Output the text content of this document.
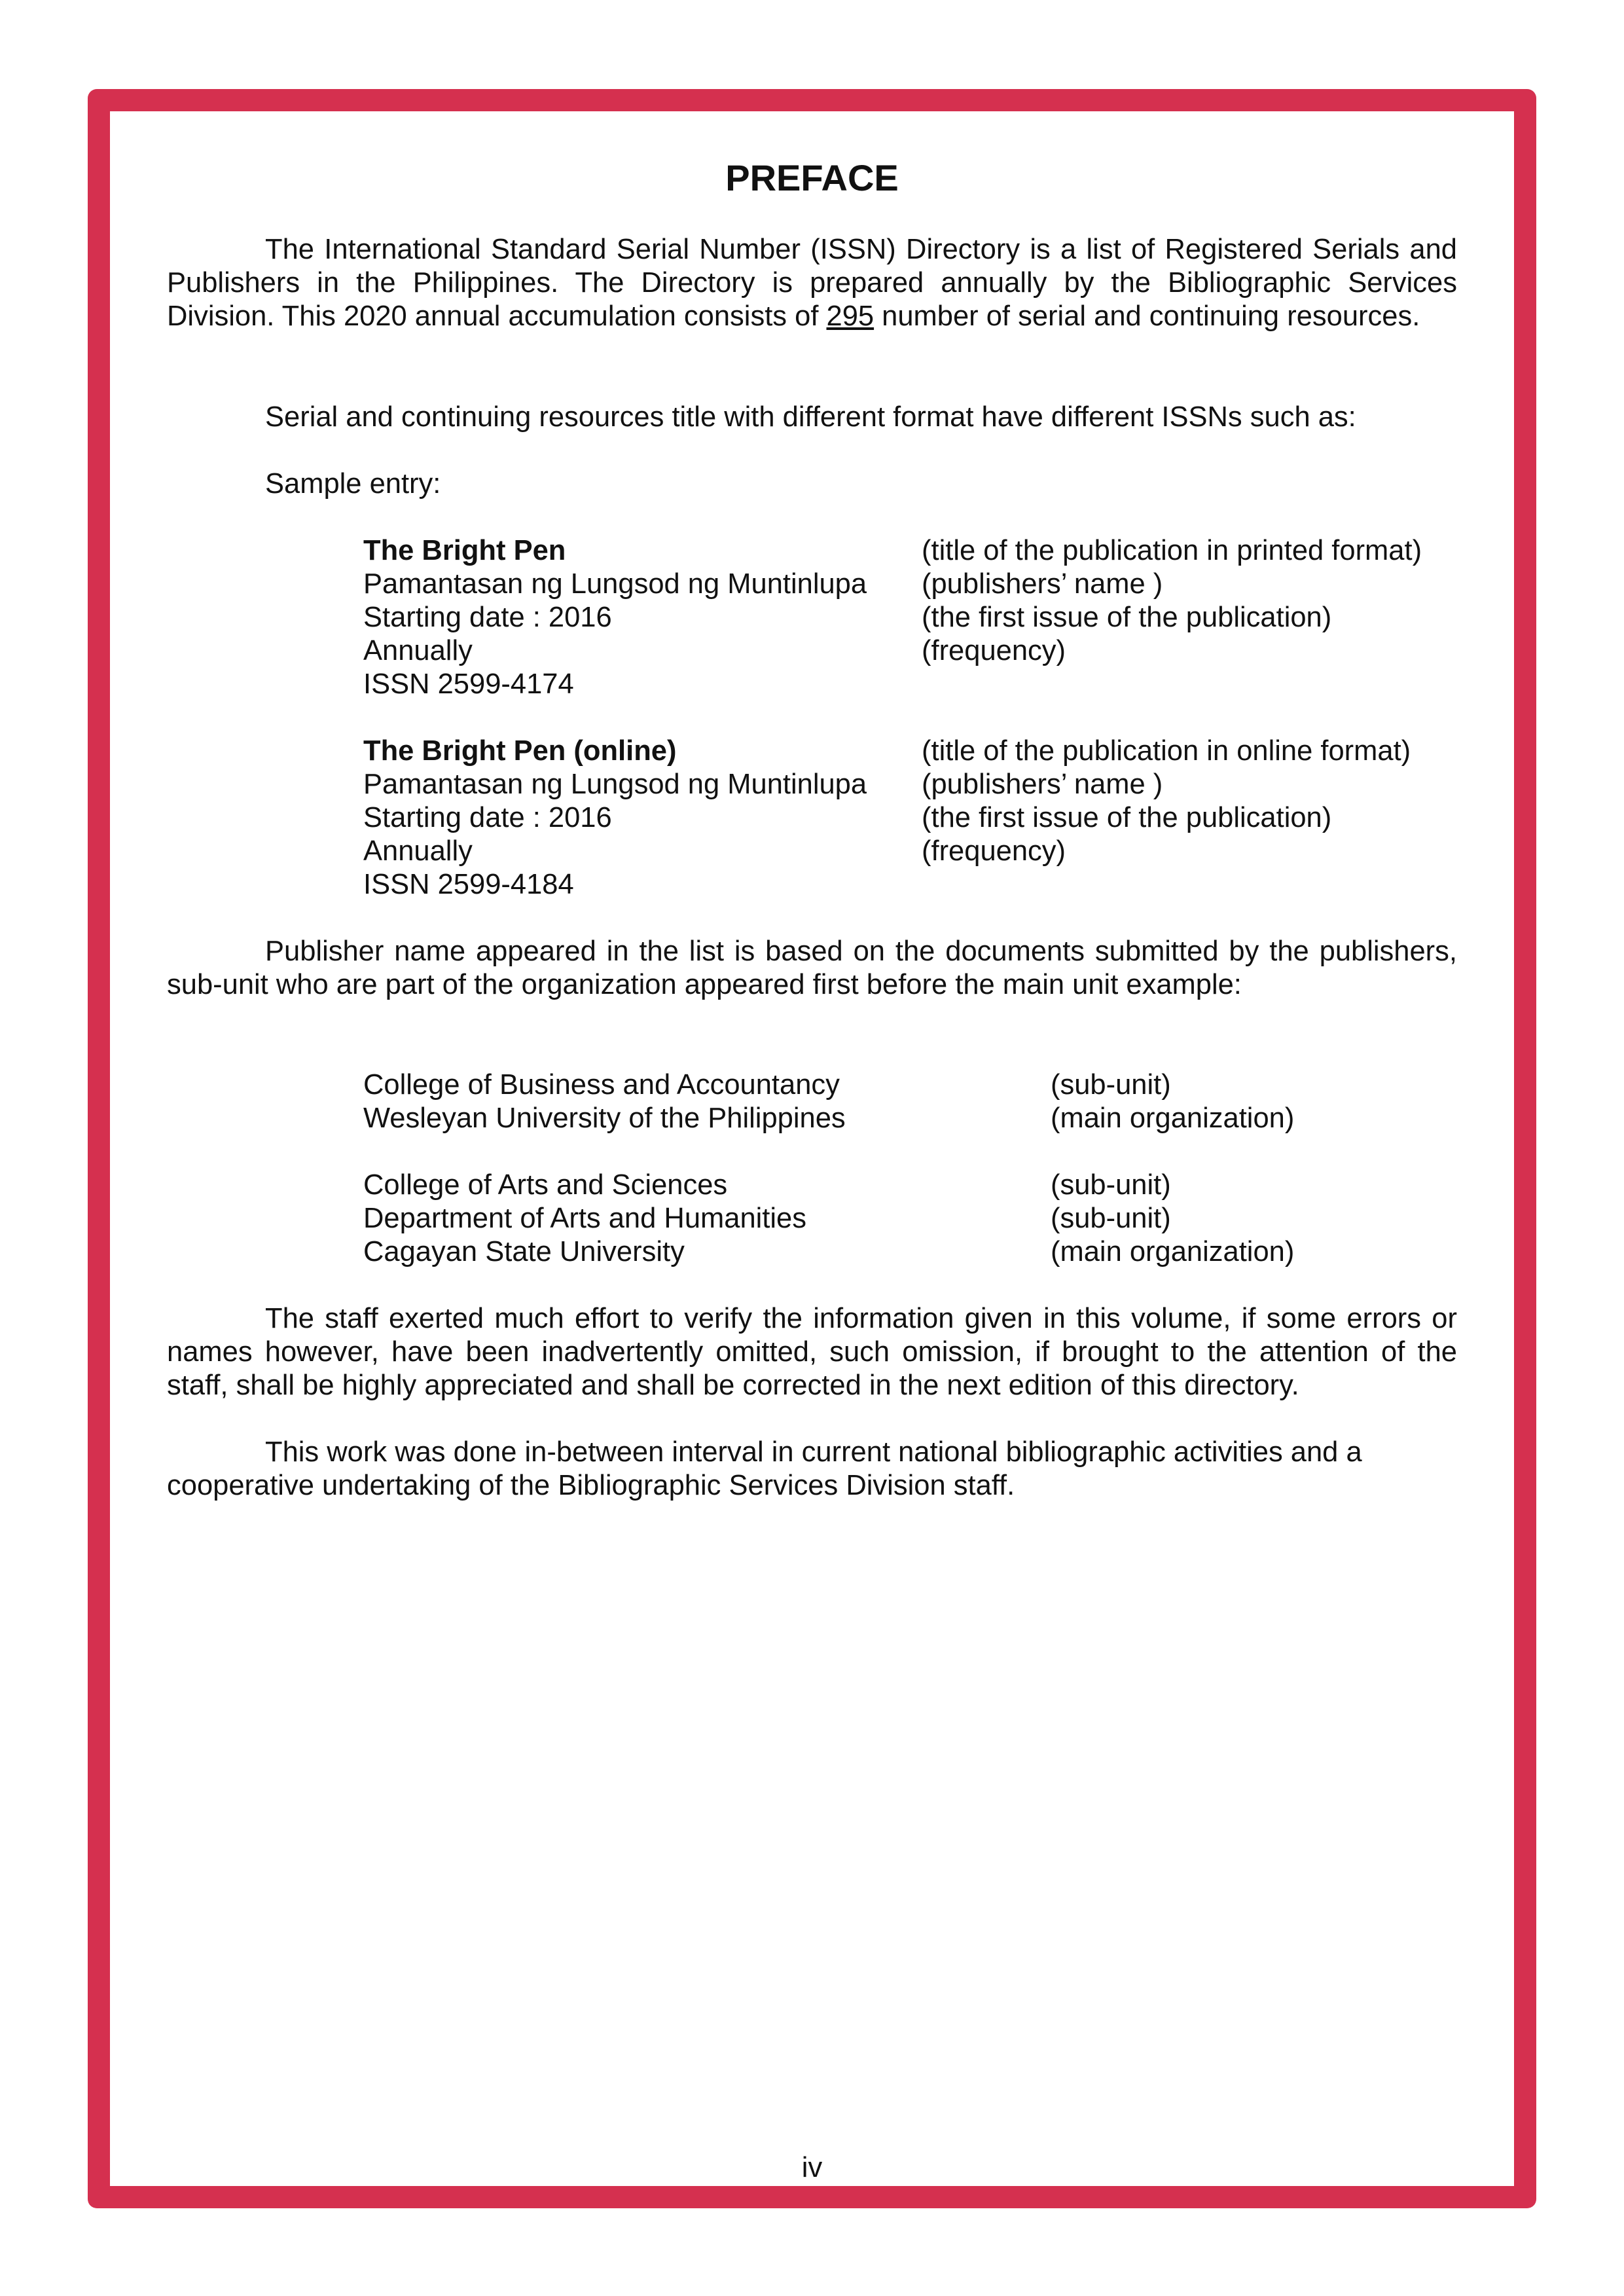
PREFACE

The International Standard Serial Number (ISSN) Directory is a list of Registered Serials and Publishers in the Philippines. The Directory is prepared annually by the Bibliographic Services Division. This 2020 annual accumulation consists of 295 number of serial and continuing resources.

Serial and continuing resources title with different format have different ISSNs such as:

Sample entry:

The Bright Pen	(title of the publication in printed format)
Pamantasan ng Lungsod ng Muntinlupa (publishers’ name )
Starting date : 2016	(the first issue of the publication)
Annually	(frequency)
ISSN 2599-4174
The Bright Pen (online)	(title of the publication in online format)
Pamantasan ng Lungsod ng Muntinlupa (publishers’ name )
Starting date : 2016	(the first issue of the publication)
Annually	(frequency)
ISSN 2599-4184

Publisher name appeared in the list is based on the documents submitted by the publishers, sub-unit who are part of the organization appeared first before the main unit example:

College of Business and Accountancy	(sub-unit)
Wesleyan University of the Philippines	(main organization)
College of Arts and Sciences	(sub-unit)
Department of Arts and Humanities	(sub-unit)
Cagayan State University	(main organization)

The staff exerted much effort to verify the information given in this volume, if some errors or names however, have been inadvertently omitted, such omission, if brought to the attention of the staff, shall be highly appreciated and shall be corrected in the next edition of this directory.

This work was done in-between interval in current national bibliographic activities and a cooperative undertaking of the Bibliographic Services Division staff.

iv
